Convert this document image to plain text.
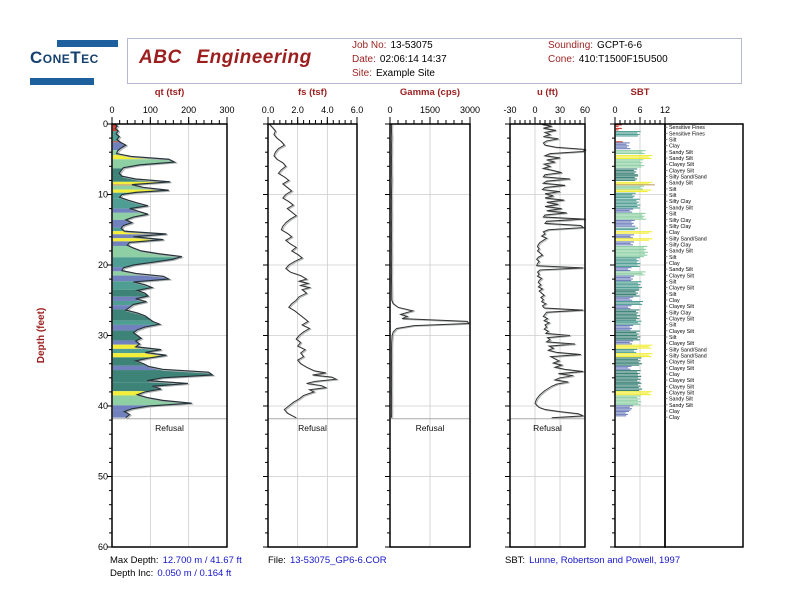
ConeTec	ABC Engineering
Job No: 13-53075
Date: 02:06:14 14:37
Site: Example Site
Sounding: GCPT-6-6
Cone: 410:T1500F15U500
0
10
20
30
40
50
60
Depth (feet)
Refusal
0	100	200	300
qt (tsf)
Refusal
0.0 2.0 4.0 6.0
fs (tsf)
Refusal
0	1500 3000
Gamma (cps)
Refusal
-30 0 30 60
u (ft)
0 6 12
SBT
Sensitive Fines
Sensitive Fines
Silt
Clay
Sandy Silt
Sandy Silt
Clayey Silt
Clayey Silt
Silty Sand/Sand
Sandy Silt
Silt
Silt
Silty Clay
Sandy Silt
Silt
Silty Clay
Silty Clay
Clay
Silty Sand/Sand
Silty Clay
Sandy Silt
Silt
Clay
Sandy Silt
Clayey Silt
Silt
Clayey Silt
Silt
Clay
Clayey Silt
Silty Clay
Clayey Silt
Silt
Clayey Silt
Silt
Clayey Silt
Silty Sand/Sand
Silty Sand/Sand
Clayey Silt
Clayey Silt
Clay
Clayey Silt
Clayey Silt
Clayey Silt
Sandy Silt
Sandy Silt
Clay
Clay
Max Depth: 12.700 m / 41.67 ft
Depth Inc: 0.050 m / 0.164 ft
File: 13-53075_GP6-6.COR	SBT: Lunne, Robertson and Powell, 1997
